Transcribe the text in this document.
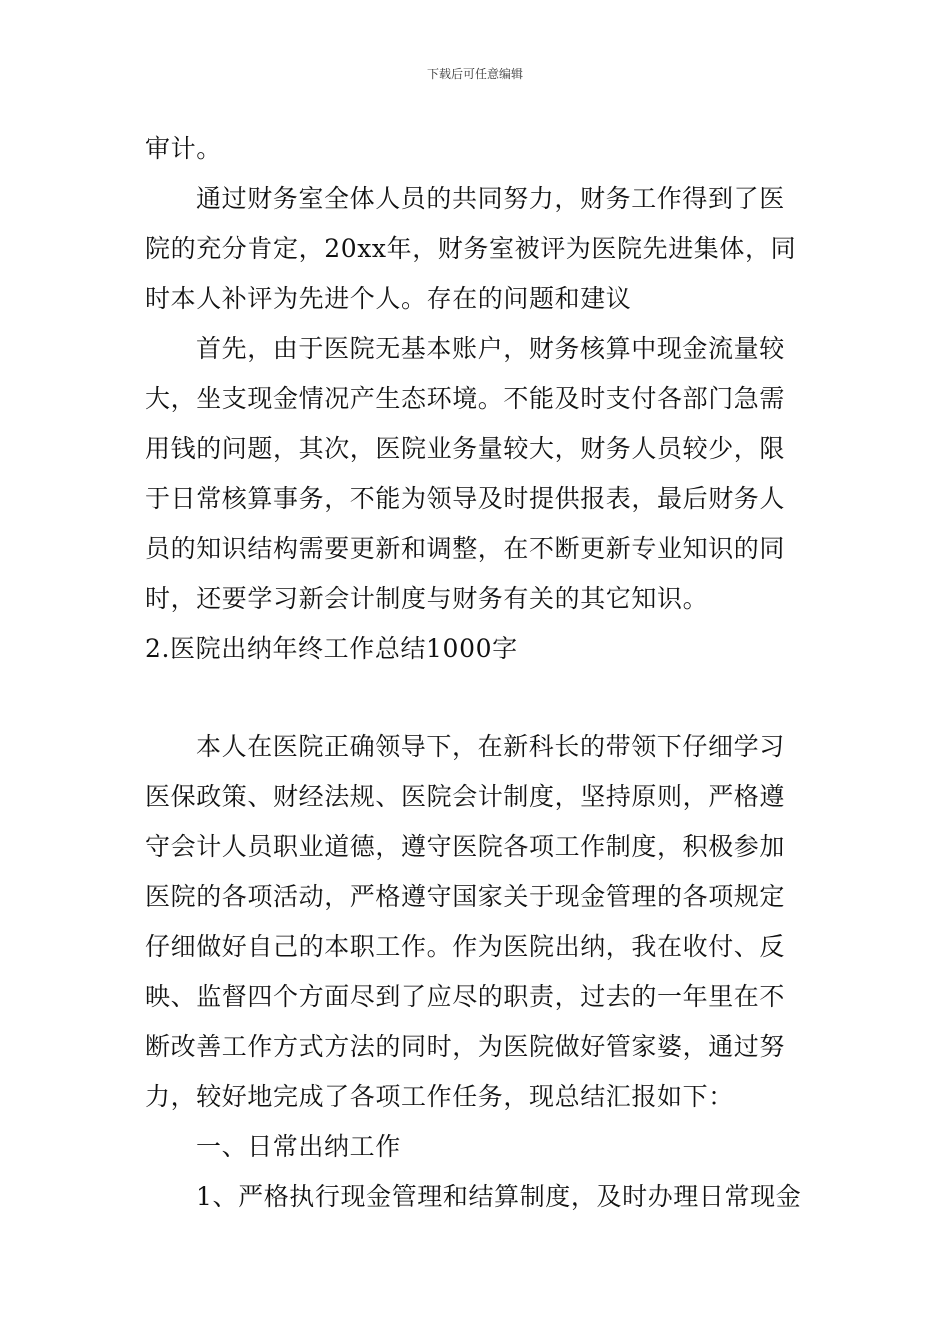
下载后可任意编辑
审计。
通过财务室全体人员的共同努力，财务工作得到了医
院的充分肯定，20xx年，财务室被评为医院先进集体，同
时本人补评为先进个人。存在的问题和建议
首先，由于医院无基本账户，财务核算中现金流量较
大，坐支现金情况产生态环境。不能及时支付各部门急需
用钱的问题，其次，医院业务量较大，财务人员较少，限
于日常核算事务，不能为领导及时提供报表，最后财务人
员的知识结构需要更新和调整，在不断更新专业知识的同
时，还要学习新会计制度与财务有关的其它知识。
2.医院出纳年终工作总结1000字
本人在医院正确领导下，在新科长的带领下仔细学习
医保政策、财经法规、医院会计制度，坚持原则，严格遵
守会计人员职业道德，遵守医院各项工作制度，积极参加
医院的各项活动，严格遵守国家关于现金管理的各项规定
仔细做好自己的本职工作。作为医院出纳，我在收付、反
映、监督四个方面尽到了应尽的职责，过去的一年里在不
断改善工作方式方法的同时，为医院做好管家婆，通过努
力，较好地完成了各项工作任务，现总结汇报如下：
一、日常出纳工作
1、严格执行现金管理和结算制度，及时办理日常现金
